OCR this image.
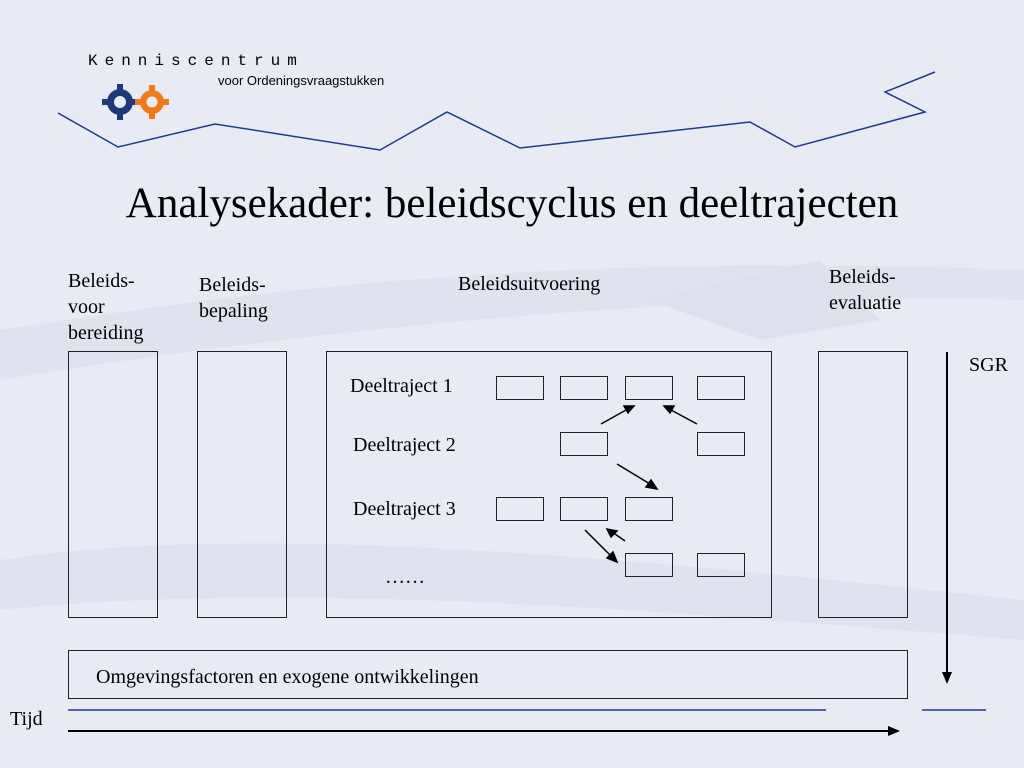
Kenniscentrum
voor Ordeningsvraagstukken
Analysekader: beleidscyclus en deeltrajecten
Beleids-
voor
bereiding
Beleids-
bepaling
Beleidsuitvoering	Beleids-
evaluatie
Deeltraject 1
Deeltraject 2
Deeltraject 3
……
SGR
Omgevingsfactoren en exogene ontwikkelingen
Tijd
